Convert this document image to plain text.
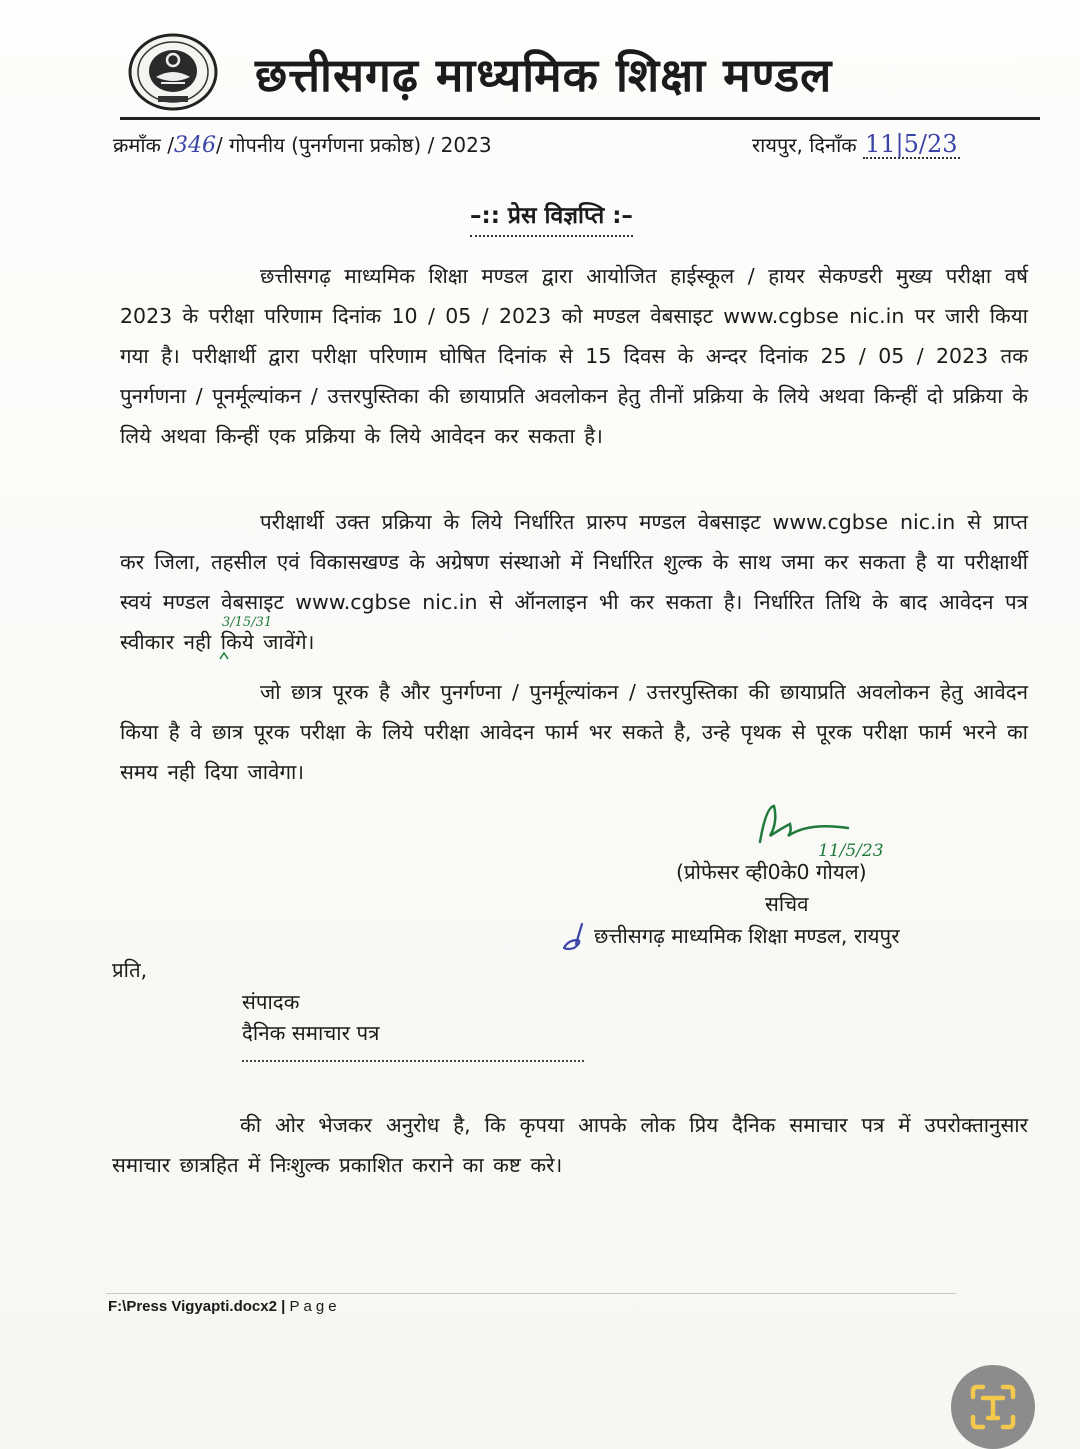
छत्तीसगढ़ माध्यमिक शिक्षा मण्डल
क्रमाँक /346/ गोपनीय (पुनर्गणना प्रकोष्ठ) / 2023	रायपुर, दिनाँक 11|5/23
–:: प्रेस विज्ञप्ति :–
छत्तीसगढ़ माध्यमिक शिक्षा मण्डल द्वारा आयोजित हाईस्कूल / हायर सेकण्डरी मुख्य परीक्षा वर्ष 2023 के परीक्षा परिणाम दिनांक 10 / 05 / 2023 को मण्डल वेबसाइट www.cgbse nic.in पर जारी किया गया है। परीक्षार्थी द्वारा परीक्षा परिणाम घोषित दिनांक से 15 दिवस के अन्दर दिनांक 25 / 05 / 2023 तक पुनर्गणना / पूनर्मूल्यांकन / उत्तरपुस्तिका की छायाप्रति अवलोकन हेतु तीनों प्रक्रिया के लिये अथवा किन्हीं दो प्रक्रिया के लिये अथवा किन्हीं एक प्रक्रिया के लिये आवेदन कर सकता है।
परीक्षार्थी उक्त प्रक्रिया के लिये निर्धारित प्रारुप मण्डल वेबसाइट www.cgbse nic.in से प्राप्त कर जिला, तहसील एवं विकासखण्ड के अग्रेषण संस्थाओ में निर्धारित शुल्क के साथ जमा कर सकता है या परीक्षार्थी स्वयं मण्डल वेबसाइट www.cgbse nic.in से ऑनलाइन भी कर सकता है। निर्धारित तिथि के बाद आवेदन पत्र स्वीकार नही किये जावेंगे।
3/15/31
जो छात्र पूरक है और पुनर्गण्ना / पुनर्मूल्यांकन / उत्तरपुस्तिका की छायाप्रति अवलोकन हेतु आवेदन किया है वे छात्र पूरक परीक्षा के लिये परीक्षा आवेदन फार्म भर सकते है, उन्हे पृथक से पूरक परीक्षा फार्म भरने का समय नही दिया जावेगा।
11/5/23
(प्रोफेसर व्ही0के0 गोयल)
सचिव
छत्तीसगढ़ माध्यमिक शिक्षा मण्डल, रायपुर
प्रति,
संपादक
दैनिक समाचार पत्र
की ओर भेजकर अनुरोध है, कि कृपया आपके लोक प्रिय दैनिक समाचार पत्र में उपरोक्तानुसार समाचार छात्रहित में निःशुल्क प्रकाशित कराने का कष्ट करे।
F:\Press Vigyapti.docx2 | Page
